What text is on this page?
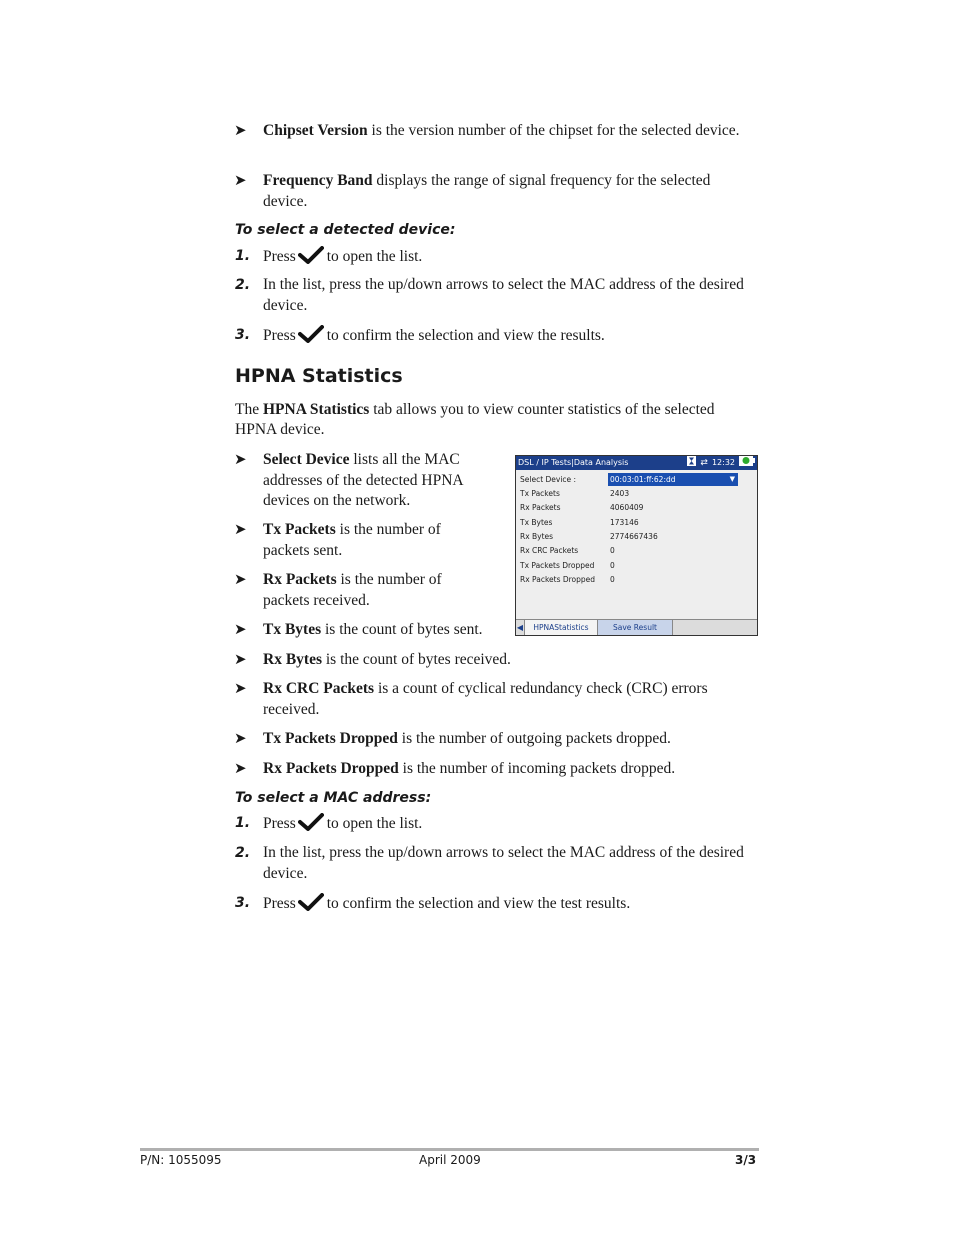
➤ Chipset Version is the version number of the chipset for the selected device.
➤ Frequency Band displays the range of signal frequency for the selected device.
To select a detected device:
1. Press to open the list.
2. In the list, press the up/down arrows to select the MAC address of the desired device.
3. Press to confirm the selection and view the results.
HPNA Statistics
The HPNA Statistics tab allows you to view counter statistics of the selected HPNA device.
➤ Select Device lists all the MAC addresses of the detected HPNA devices on the network.
➤ Tx Packets is the number of packets sent.
➤ Rx Packets is the number of packets received.
➤ Tx Bytes is the count of bytes sent.
➤ Rx Bytes is the count of bytes received.
➤ Rx CRC Packets is a count of cyclical redundancy check (CRC) errors received.
➤ Tx Packets Dropped is the number of outgoing packets dropped.
➤ Rx Packets Dropped is the number of incoming packets dropped.
DSL / IP Tests|Data Analysis	⇄ 12:32
Select Device :	00:03:01:ff:62:dd	▼
Tx Packets	2403
Rx Packets	4060409
Tx Bytes	173146
Rx Bytes	2774667436
Rx CRC Packets	0
Tx Packets Dropped 0
Rx Packets Dropped 0
◀	HPNAStatistics	Save Result
To select a MAC address:
1. Press to open the list.
2. In the list, press the up/down arrows to select the MAC address of the desired device.
3. Press to confirm the selection and view the test results.
P/N: 1055095	April 2009	3/3
